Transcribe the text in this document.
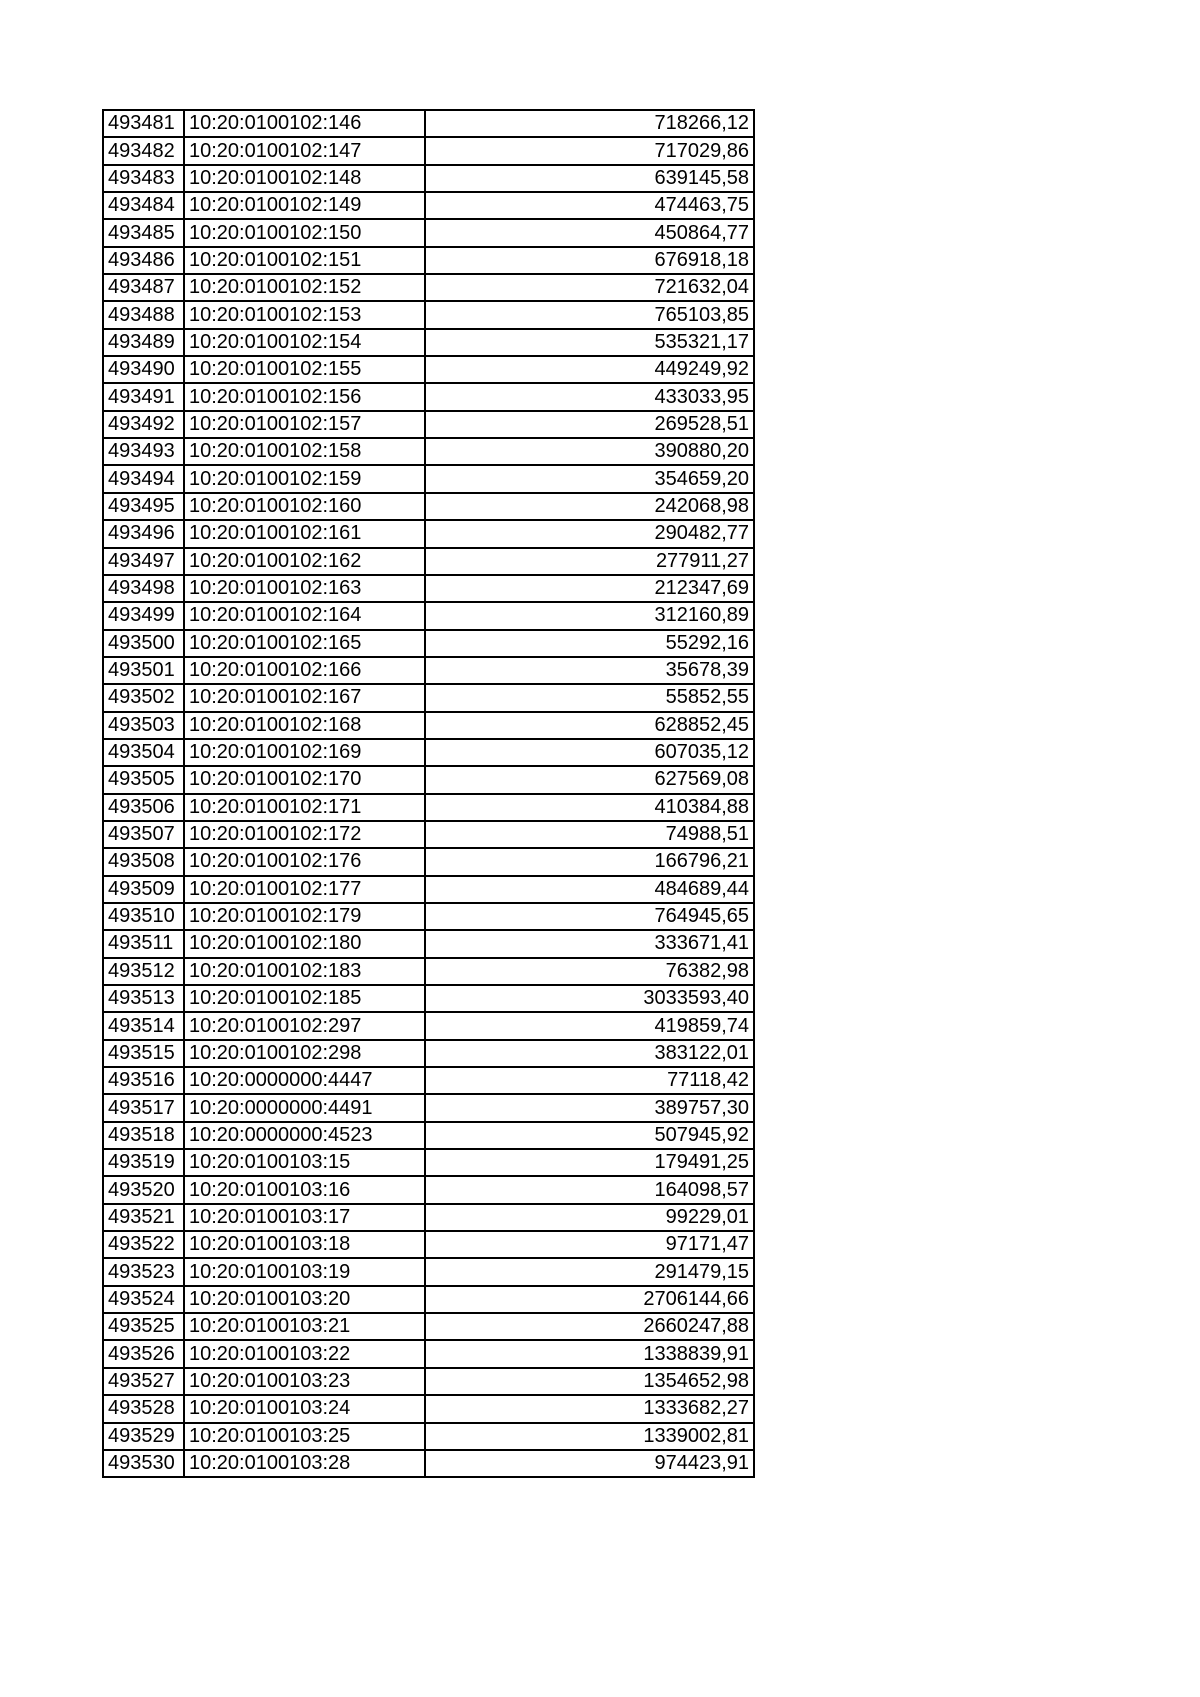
493481	10:20:0100102:146	718266,12
493482	10:20:0100102:147	717029,86
493483	10:20:0100102:148	639145,58
493484	10:20:0100102:149	474463,75
493485	10:20:0100102:150	450864,77
493486	10:20:0100102:151	676918,18
493487	10:20:0100102:152	721632,04
493488	10:20:0100102:153	765103,85
493489	10:20:0100102:154	535321,17
493490	10:20:0100102:155	449249,92
493491	10:20:0100102:156	433033,95
493492	10:20:0100102:157	269528,51
493493	10:20:0100102:158	390880,20
493494	10:20:0100102:159	354659,20
493495	10:20:0100102:160	242068,98
493496	10:20:0100102:161	290482,77
493497	10:20:0100102:162	277911,27
493498	10:20:0100102:163	212347,69
493499	10:20:0100102:164	312160,89
493500	10:20:0100102:165	55292,16
493501	10:20:0100102:166	35678,39
493502	10:20:0100102:167	55852,55
493503	10:20:0100102:168	628852,45
493504	10:20:0100102:169	607035,12
493505	10:20:0100102:170	627569,08
493506	10:20:0100102:171	410384,88
493507	10:20:0100102:172	74988,51
493508	10:20:0100102:176	166796,21
493509	10:20:0100102:177	484689,44
493510	10:20:0100102:179	764945,65
493511	10:20:0100102:180	333671,41
493512	10:20:0100102:183	76382,98
493513	10:20:0100102:185	3033593,40
493514	10:20:0100102:297	419859,74
493515	10:20:0100102:298	383122,01
493516	10:20:0000000:4447	77118,42
493517	10:20:0000000:4491	389757,30
493518	10:20:0000000:4523	507945,92
493519	10:20:0100103:15	179491,25
493520	10:20:0100103:16	164098,57
493521	10:20:0100103:17	99229,01
493522	10:20:0100103:18	97171,47
493523	10:20:0100103:19	291479,15
493524	10:20:0100103:20	2706144,66
493525	10:20:0100103:21	2660247,88
493526	10:20:0100103:22	1338839,91
493527	10:20:0100103:23	1354652,98
493528	10:20:0100103:24	1333682,27
493529	10:20:0100103:25	1339002,81
493530	10:20:0100103:28	974423,91
